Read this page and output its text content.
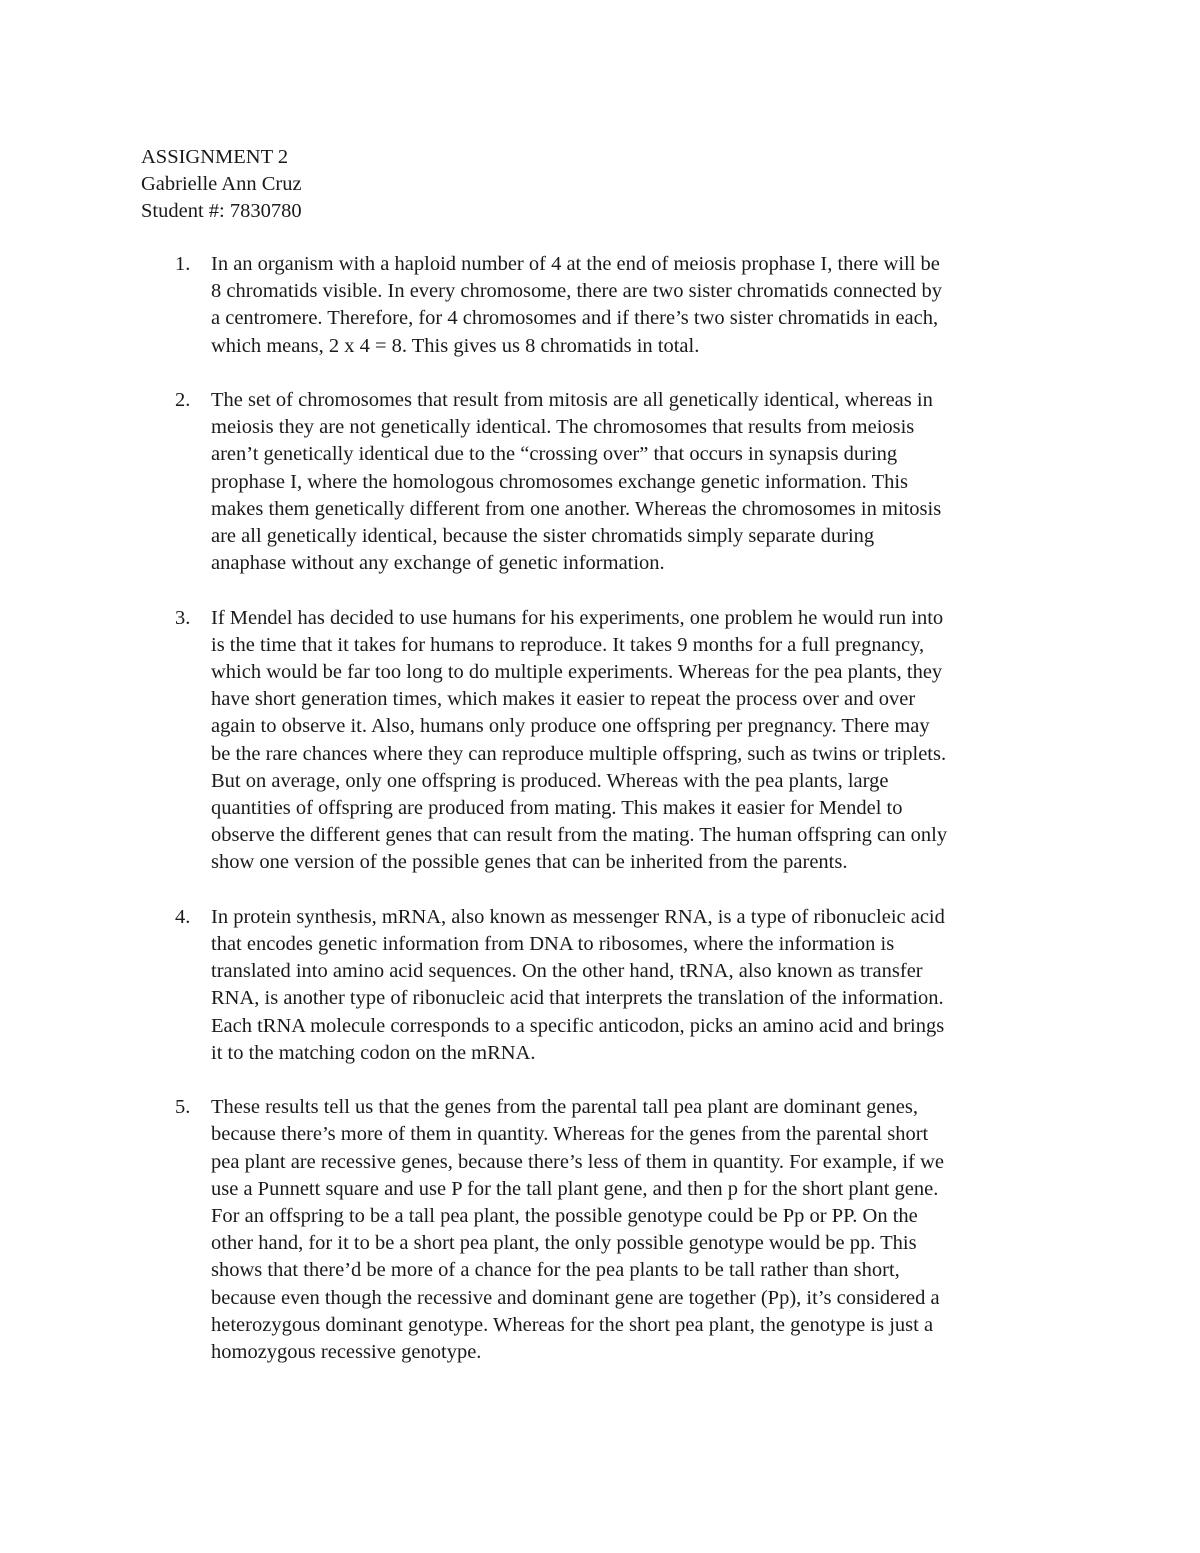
ASSIGNMENT 2
Gabrielle Ann Cruz
Student #: 7830780
1. In an organism with a haploid number of 4 at the end of meiosis prophase I, there will be
8 chromatids visible. In every chromosome, there are two sister chromatids connected by
a centromere. Therefore, for 4 chromosomes and if there’s two sister chromatids in each,
which means, 2 x 4 = 8. This gives us 8 chromatids in total.
2. The set of chromosomes that result from mitosis are all genetically identical, whereas in
meiosis they are not genetically identical. The chromosomes that results from meiosis
aren’t genetically identical due to the “crossing over” that occurs in synapsis during
prophase I, where the homologous chromosomes exchange genetic information. This
makes them genetically different from one another. Whereas the chromosomes in mitosis
are all genetically identical, because the sister chromatids simply separate during
anaphase without any exchange of genetic information.
3. If Mendel has decided to use humans for his experiments, one problem he would run into
is the time that it takes for humans to reproduce. It takes 9 months for a full pregnancy,
which would be far too long to do multiple experiments. Whereas for the pea plants, they
have short generation times, which makes it easier to repeat the process over and over
again to observe it. Also, humans only produce one offspring per pregnancy. There may
be the rare chances where they can reproduce multiple offspring, such as twins or triplets.
But on average, only one offspring is produced. Whereas with the pea plants, large
quantities of offspring are produced from mating. This makes it easier for Mendel to
observe the different genes that can result from the mating. The human offspring can only
show one version of the possible genes that can be inherited from the parents.
4. In protein synthesis, mRNA, also known as messenger RNA, is a type of ribonucleic acid
that encodes genetic information from DNA to ribosomes, where the information is
translated into amino acid sequences. On the other hand, tRNA, also known as transfer
RNA, is another type of ribonucleic acid that interprets the translation of the information.
Each tRNA molecule corresponds to a specific anticodon, picks an amino acid and brings
it to the matching codon on the mRNA.
5. These results tell us that the genes from the parental tall pea plant are dominant genes,
because there’s more of them in quantity. Whereas for the genes from the parental short
pea plant are recessive genes, because there’s less of them in quantity. For example, if we
use a Punnett square and use P for the tall plant gene, and then p for the short plant gene.
For an offspring to be a tall pea plant, the possible genotype could be Pp or PP. On the
other hand, for it to be a short pea plant, the only possible genotype would be pp. This
shows that there’d be more of a chance for the pea plants to be tall rather than short,
because even though the recessive and dominant gene are together (Pp), it’s considered a
heterozygous dominant genotype. Whereas for the short pea plant, the genotype is just a
homozygous recessive genotype.
